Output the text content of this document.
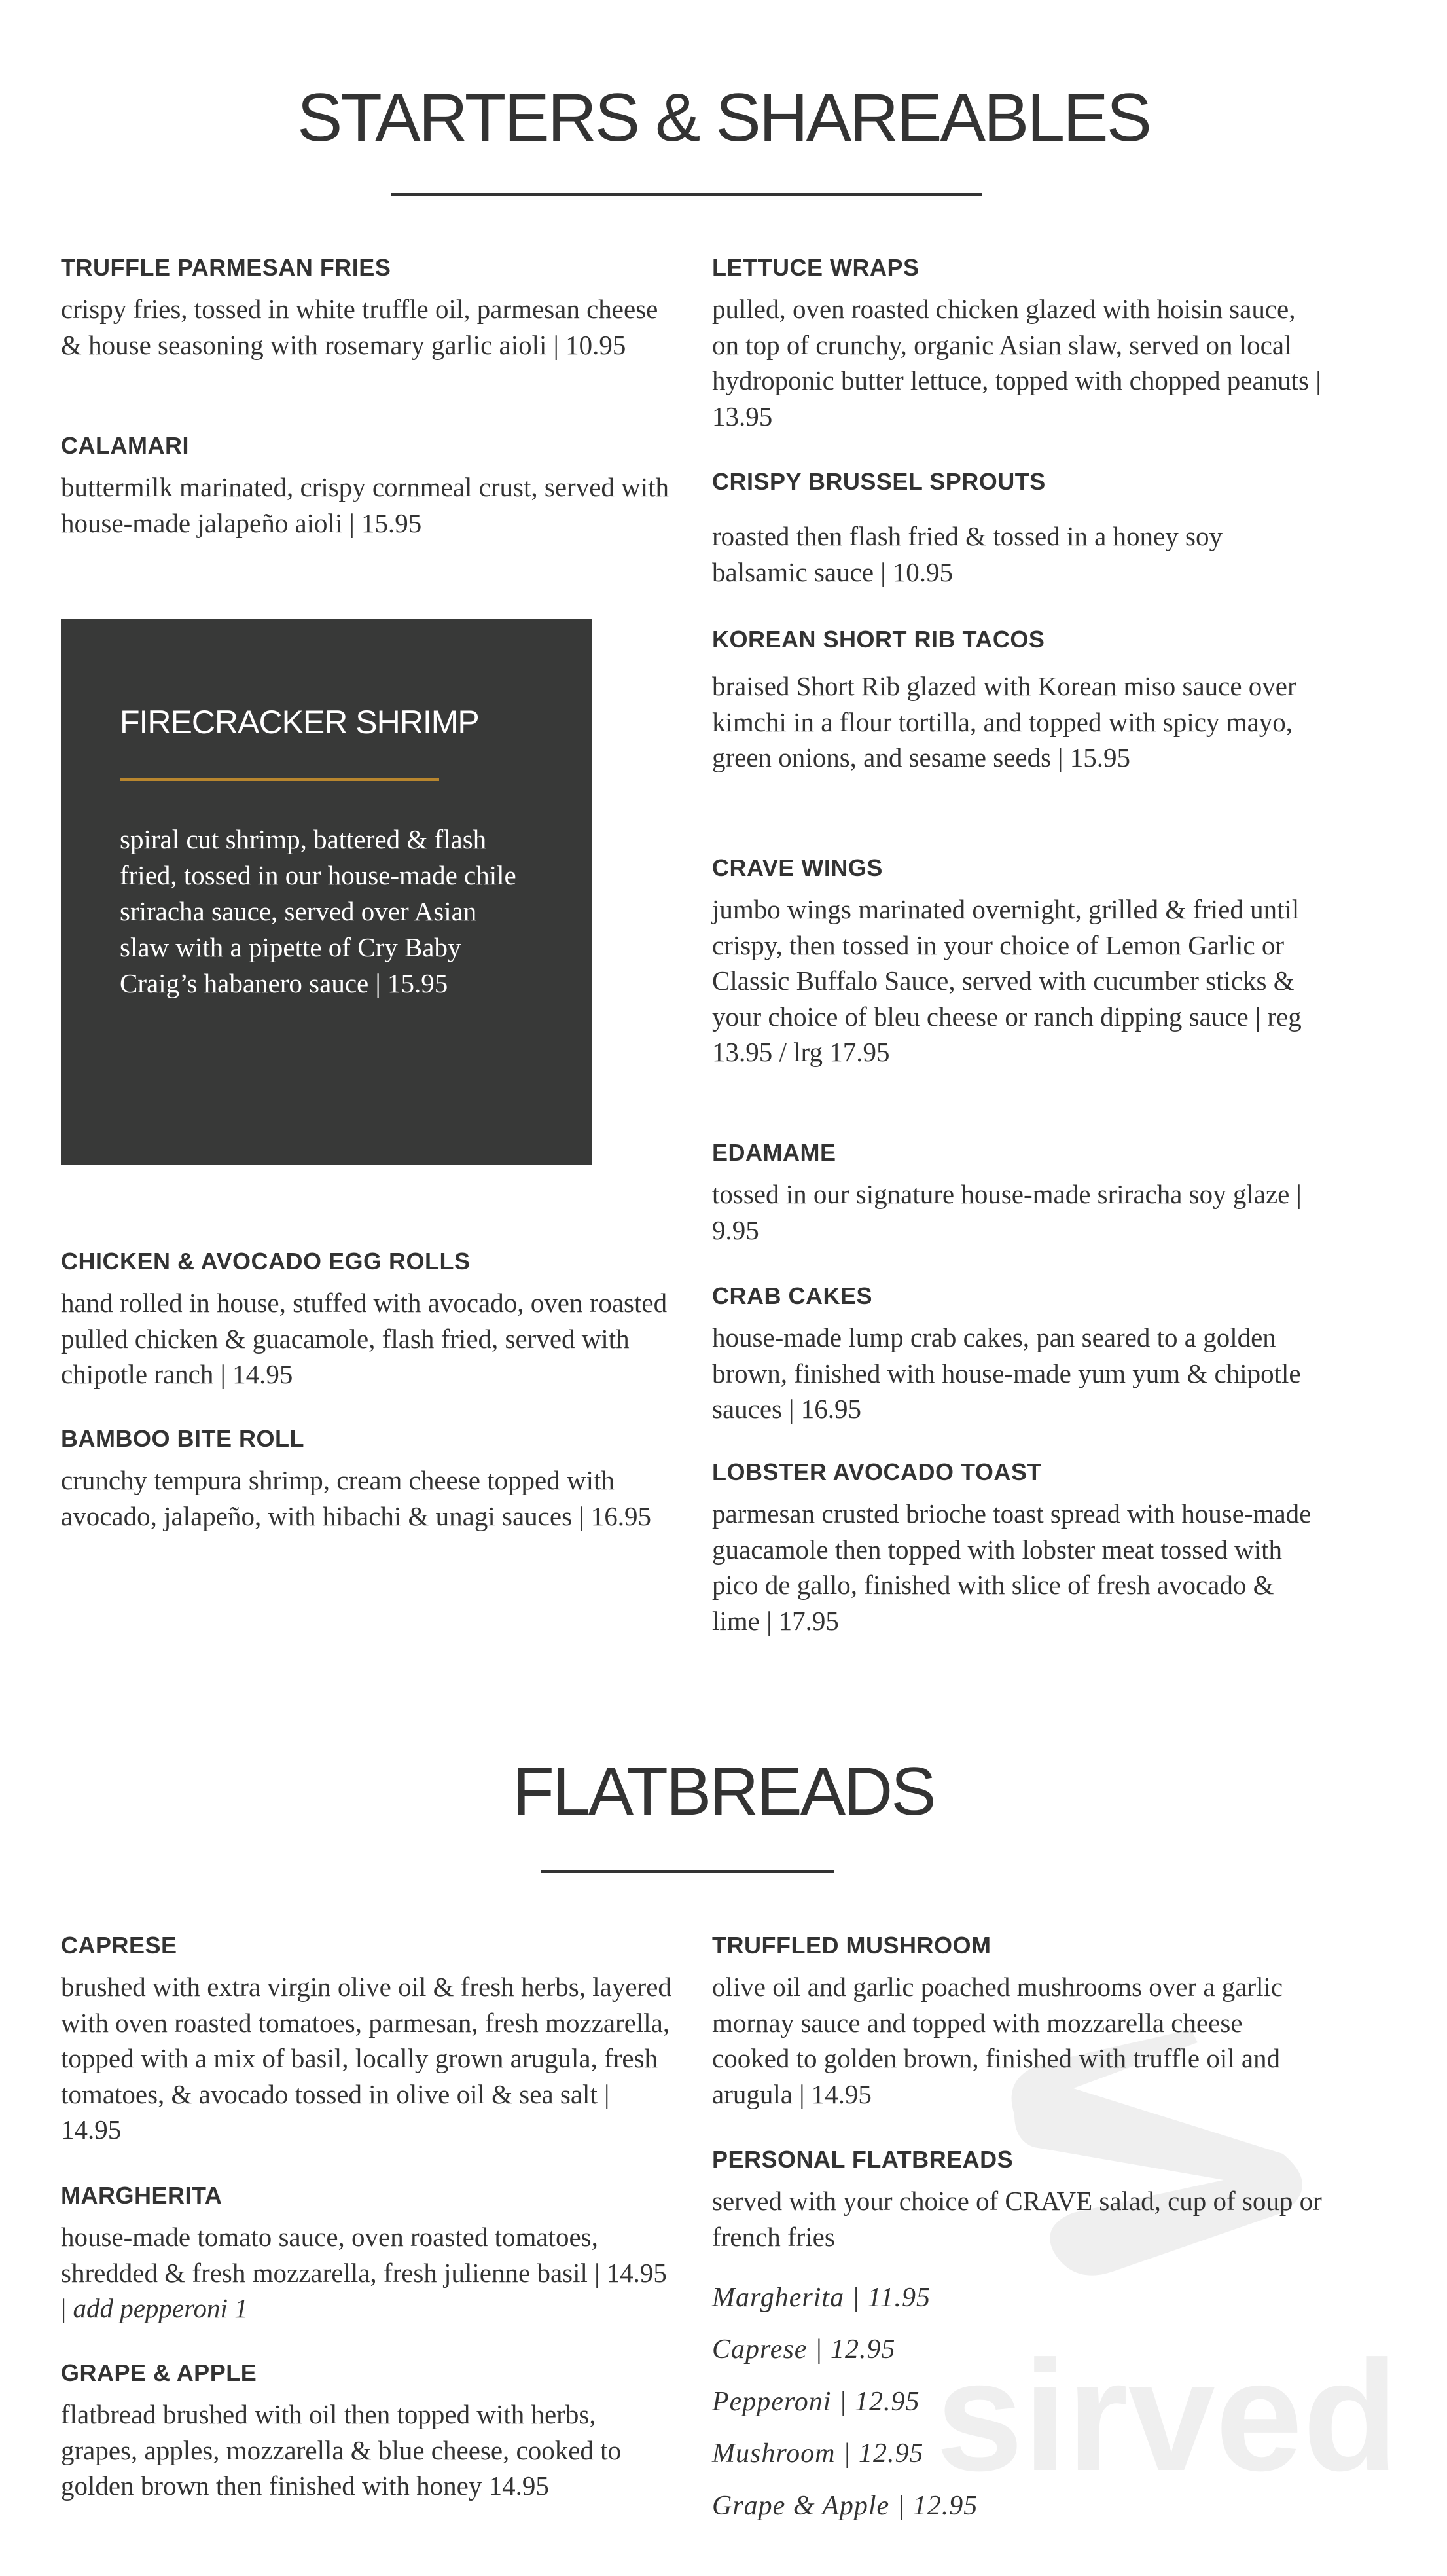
sirved
STARTERS & SHAREABLES
TRUFFLE PARMESAN FRIES

crispy fries, tossed in white truffle oil, parmesan cheese & house seasoning with rosemary garlic aioli | 10.95

CALAMARI

buttermilk marinated, crispy cornmeal crust, served with house-made jalapeño aioli | 15.95

FIRECRACKER SHRIMP

spiral cut shrimp, battered & flash fried, tossed in our house-made chile sriracha sauce, served over Asian slaw with a pipette of Cry Baby Craig’s habanero sauce | 15.95

CHICKEN & AVOCADO EGG ROLLS

hand rolled in house, stuffed with avocado, oven roasted pulled chicken & guacamole, flash fried, served with chipotle ranch | 14.95

BAMBOO BITE ROLL

crunchy tempura shrimp, cream cheese topped with avocado, jalapeño, with hibachi & unagi sauces | 16.95

LETTUCE WRAPS

pulled, oven roasted chicken glazed with hoisin sauce, on top of crunchy, organic Asian slaw, served on local hydroponic butter lettuce, topped with chopped peanuts | 13.95

CRISPY BRUSSEL SPROUTS

roasted then flash fried & tossed in a honey soy balsamic sauce | 10.95

KOREAN SHORT RIB TACOS

braised Short Rib glazed with Korean miso sauce over kimchi in a flour tortilla, and topped with spicy mayo, green onions, and sesame seeds | 15.95

CRAVE WINGS

jumbo wings marinated overnight, grilled & fried until crispy, then tossed in your choice of Lemon Garlic or Classic Buffalo Sauce, served with cucumber sticks & your choice of bleu cheese or ranch dipping sauce | reg 13.95 / lrg 17.95

EDAMAME

tossed in our signature house-made sriracha soy glaze | 9.95

CRAB CAKES

house-made lump crab cakes, pan seared to a golden brown, finished with house-made yum yum & chipotle sauces | 16.95

LOBSTER AVOCADO TOAST

parmesan crusted brioche toast spread with house-made guacamole then topped with lobster meat tossed with pico de gallo, finished with slice of fresh avocado & lime | 17.95

FLATBREADS
CAPRESE

brushed with extra virgin olive oil & fresh herbs, layered with oven roasted tomatoes, parmesan, fresh mozzarella, topped with a mix of basil, locally grown arugula, fresh tomatoes, & avocado tossed in olive oil & sea salt | 14.95

MARGHERITA

house-made tomato sauce, oven roasted tomatoes, shredded & fresh mozzarella, fresh julienne basil | 14.95 | add pepperoni 1

GRAPE & APPLE

flatbread brushed with oil then topped with herbs, grapes, apples, mozzarella & blue cheese, cooked to golden brown then finished with honey 14.95

TRUFFLED MUSHROOM

olive oil and garlic poached mushrooms over a garlic mornay sauce and topped with mozzarella cheese cooked to golden brown, finished with truffle oil and arugula | 14.95

PERSONAL FLATBREADS

served with your choice of CRAVE salad, cup of soup or french fries

Margherita | 11.95
Caprese | 12.95
Pepperoni | 12.95
Mushroom | 12.95
Grape & Apple | 12.95
